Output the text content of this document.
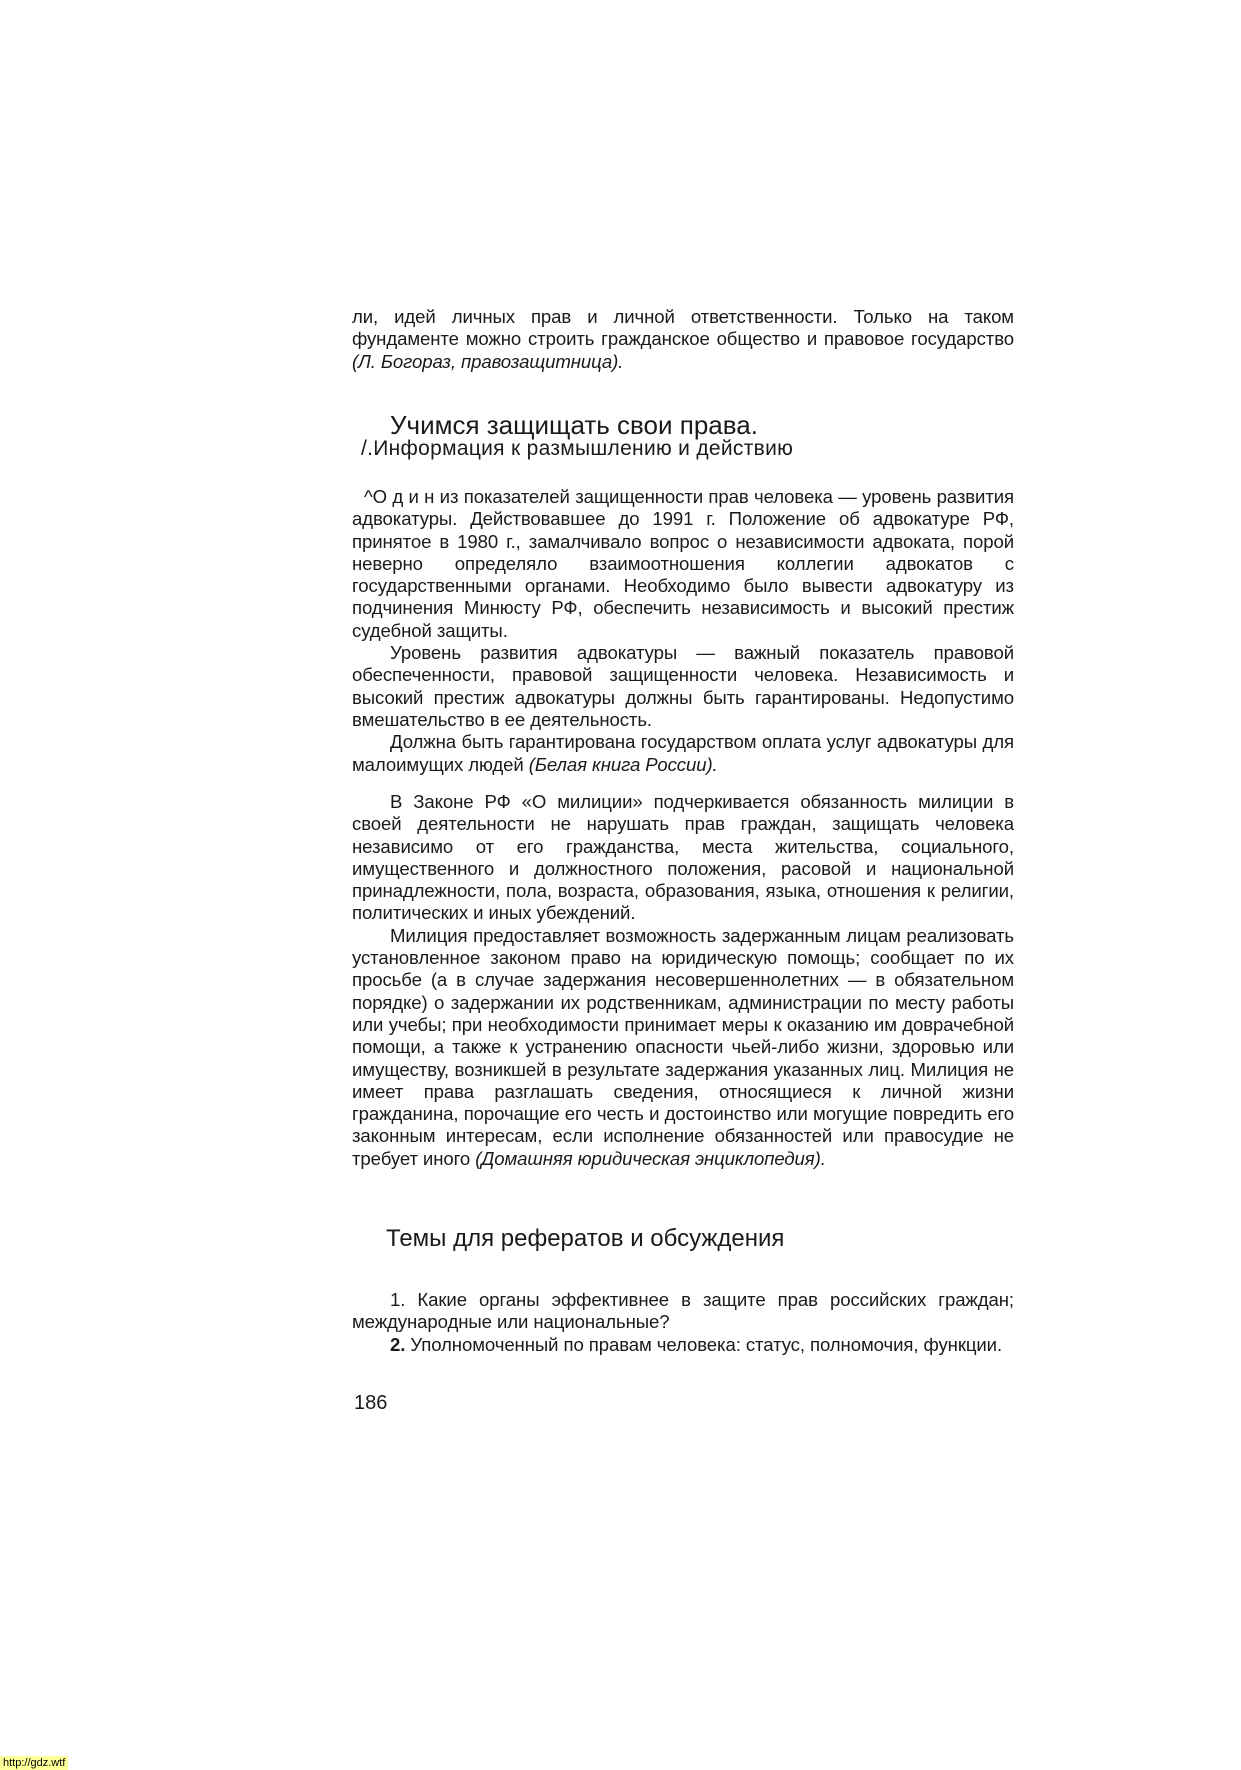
ли, идей личных прав и личной ответственности. Только на таком фундаменте можно строить гражданское общество и правовое государство (Л. Богораз, правозащитница).

Учимся защищать свои права.
/.Информация к размышлению и действию

^О д и н из показателей защищенности прав человека — уровень развития адвокатуры. Действовавшее до 1991 г. Положение об адвокатуре РФ, принятое в 1980 г., замалчивало вопрос о независимости адвоката, порой неверно определяло взаимоотношения коллегии адвокатов с государственными органами. Необходимо было вывести адвокатуру из подчинения Минюсту РФ, обеспечить независимость и высокий престиж судебной защиты.

Уровень развития адвокатуры — важный показатель правовой обеспеченности, правовой защищенности человека. Независимость и высокий престиж адвокатуры должны быть гарантированы. Недопустимо вмешательство в ее деятельность.

Должна быть гарантирована государством оплата услуг адвокатуры для малоимущих людей (Белая книга России).

В Законе РФ «О милиции» подчеркивается обязанность милиции в своей деятельности не нарушать прав граждан, защищать человека независимо от его гражданства, места жительства, социального, имущественного и должностного положения, расовой и национальной принадлежности, пола, возраста, образования, языка, отношения к религии, политических и иных убеждений.

Милиция предоставляет возможность задержанным лицам реализовать установленное законом право на юридическую помощь; сообщает по их просьбе (а в случае задержания несовершеннолетних — в обязательном порядке) о задержании их родственникам, администрации по месту работы или учебы; при необходимости принимает меры к оказанию им доврачебной помощи, а также к устранению опасности чьей-либо жизни, здоровью или имуществу, возникшей в результате задержания указанных лиц. Милиция не имеет права разглашать сведения, относящиеся к личной жизни гражданина, порочащие его честь и достоинство или могущие повредить его законным интересам, если исполнение обязанностей или правосудие не требует иного (Домашняя юридическая энциклопедия).

Темы для рефератов и обсуждения

1. Какие органы эффективнее в защите прав российских граждан; международные или национальные?

2. Уполномоченный по правам человека: статус, полномочия, функции.

186
http://gdz.wtf
